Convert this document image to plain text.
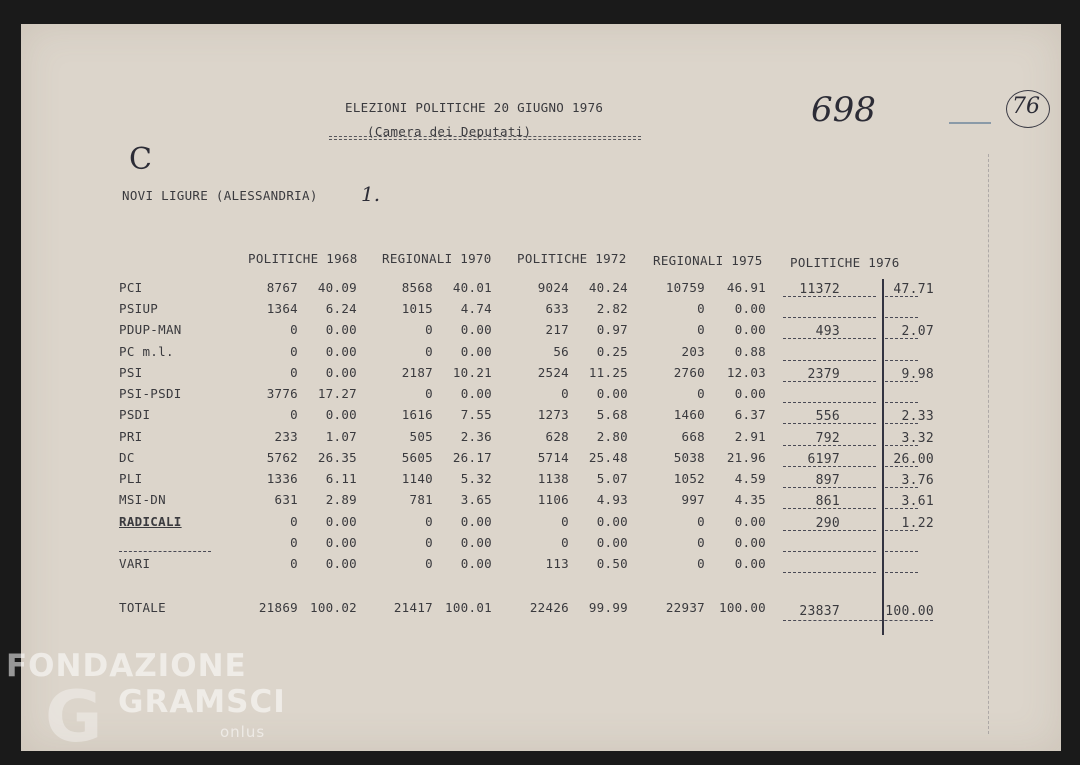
ELEZIONI POLITICHE 20 GIUGNO 1976
(Camera dei Deputati)
C
698	76
NOVI LIGURE (ALESSANDRIA) 1.
POLITICHE 1968 REGIONALI 1970 POLITICHE 1972 REGIONALI 1975 POLITICHE 1976
PCI	8767	40.09	8568	40.01	9024	40.24	10759	46.91	11372	47.71
PSIUP	1364	6.24	1015	4.74	633	2.82	0	0.00
PDUP-MAN	0	0.00	0	0.00	217	0.97	0	0.00	493	2.07
PC m.l.	0	0.00	0	0.00	56	0.25	203	0.88
PSI	0	0.00	2187	10.21	2524	11.25	2760	12.03	2379	9.98
PSI-PSDI	3776	17.27	0	0.00	0	0.00	0	0.00
PSDI	0	0.00	1616	7.55	1273	5.68	1460	6.37	556	2.33
PRI	233	1.07	505	2.36	628	2.80	668	2.91	792	3.32
DC	5762	26.35	5605	26.17	5714	25.48	5038	21.96	6197	26.00
PLI	1336	6.11	1140	5.32	1138	5.07	1052	4.59	897	3.76
MSI-DN	631	2.89	781	3.65	1106	4.93	997	4.35	861	3.61
RADICALI	0	0.00	0	0.00	0	0.00	0	0.00	290	1.22
0	0.00	0	0.00	0	0.00	0	0.00
VARI	0	0.00	0	0.00	113	0.50	0	0.00
TOTALE	21869 100.02	21417 100.01	22426	99.99	22937	100.00	23837	100.00
FONDAZIONE
GRAMSCI
G	onlus
